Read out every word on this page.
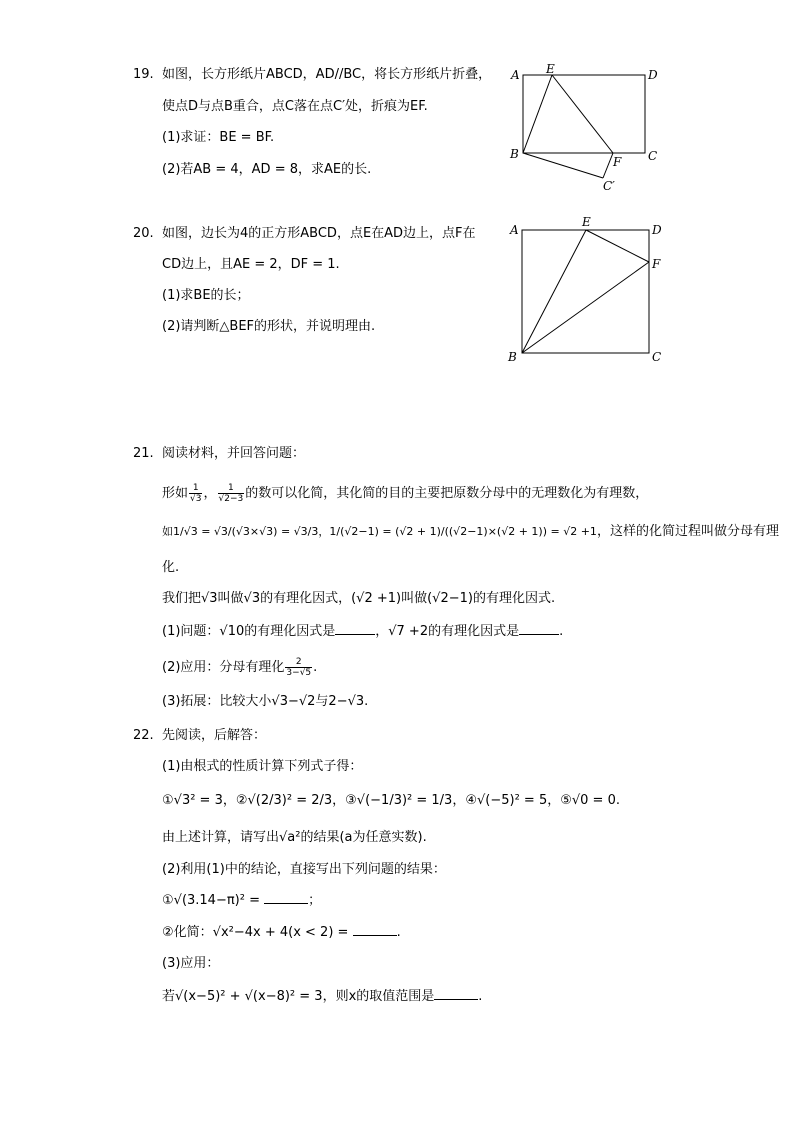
19. 如图，长方形纸片ABCD，AD//BC，将长方形纸片折叠，
使点D与点B重合，点C落在点C′处，折痕为EF.
(1)求证：BE = BF.
(2)若AB = 4，AD = 8，求AE的长.
A E	D
B
F C
C′
20. 如图，边长为4的正方形ABCD，点E在AD边上，点F在
CD边上，且AE = 2，DF = 1.
(1)求BE的长；
(2)请判断△BEF的形状，并说明理由.
A
E
D
F
B	C
21. 阅读材料，并回答问题：
形如 $\frac{1}{√3}$ ， $\frac{1}{√2-3}$ 的数可以化简，其化简的目的主要把原数分母中的无理数化为有理数，
如1/√3 = √3/(√3×√3) = √3/3，1/(√2−1) = (√2 + 1)/((√2−1)×(√2 + 1)) = √2 +1，这样的化简过程叫做分母有理
化.
我们把√3叫做√3的有理化因式，(√2 +1)叫做(√2−1)的有理化因式.
(1)问题：√10的有理化因式是	，√7 +2的有理化因式是	.
(2)应用：分母有理化 $\frac{2}{3-√5}$ .
(3)拓展：比较大小√3−√2与2−√3.
22. 先阅读，后解答：
(1)由根式的性质计算下列式子得：
①√3² = 3，②√(2/3)² = 2/3，③√(−1/3)² = 1/3，④√(−5)² = 5，⑤√0 = 0.
由上述计算，请写出√a²的结果(a为任意实数).
(2)利用(1)中的结论，直接写出下列问题的结果：
①√(3.14−π)² =	；
②化简：√x²−4x + 4(x < 2) =	.
(3)应用：
若√(x−5)² + √(x−8)² = 3，则x的取值范围是	.
